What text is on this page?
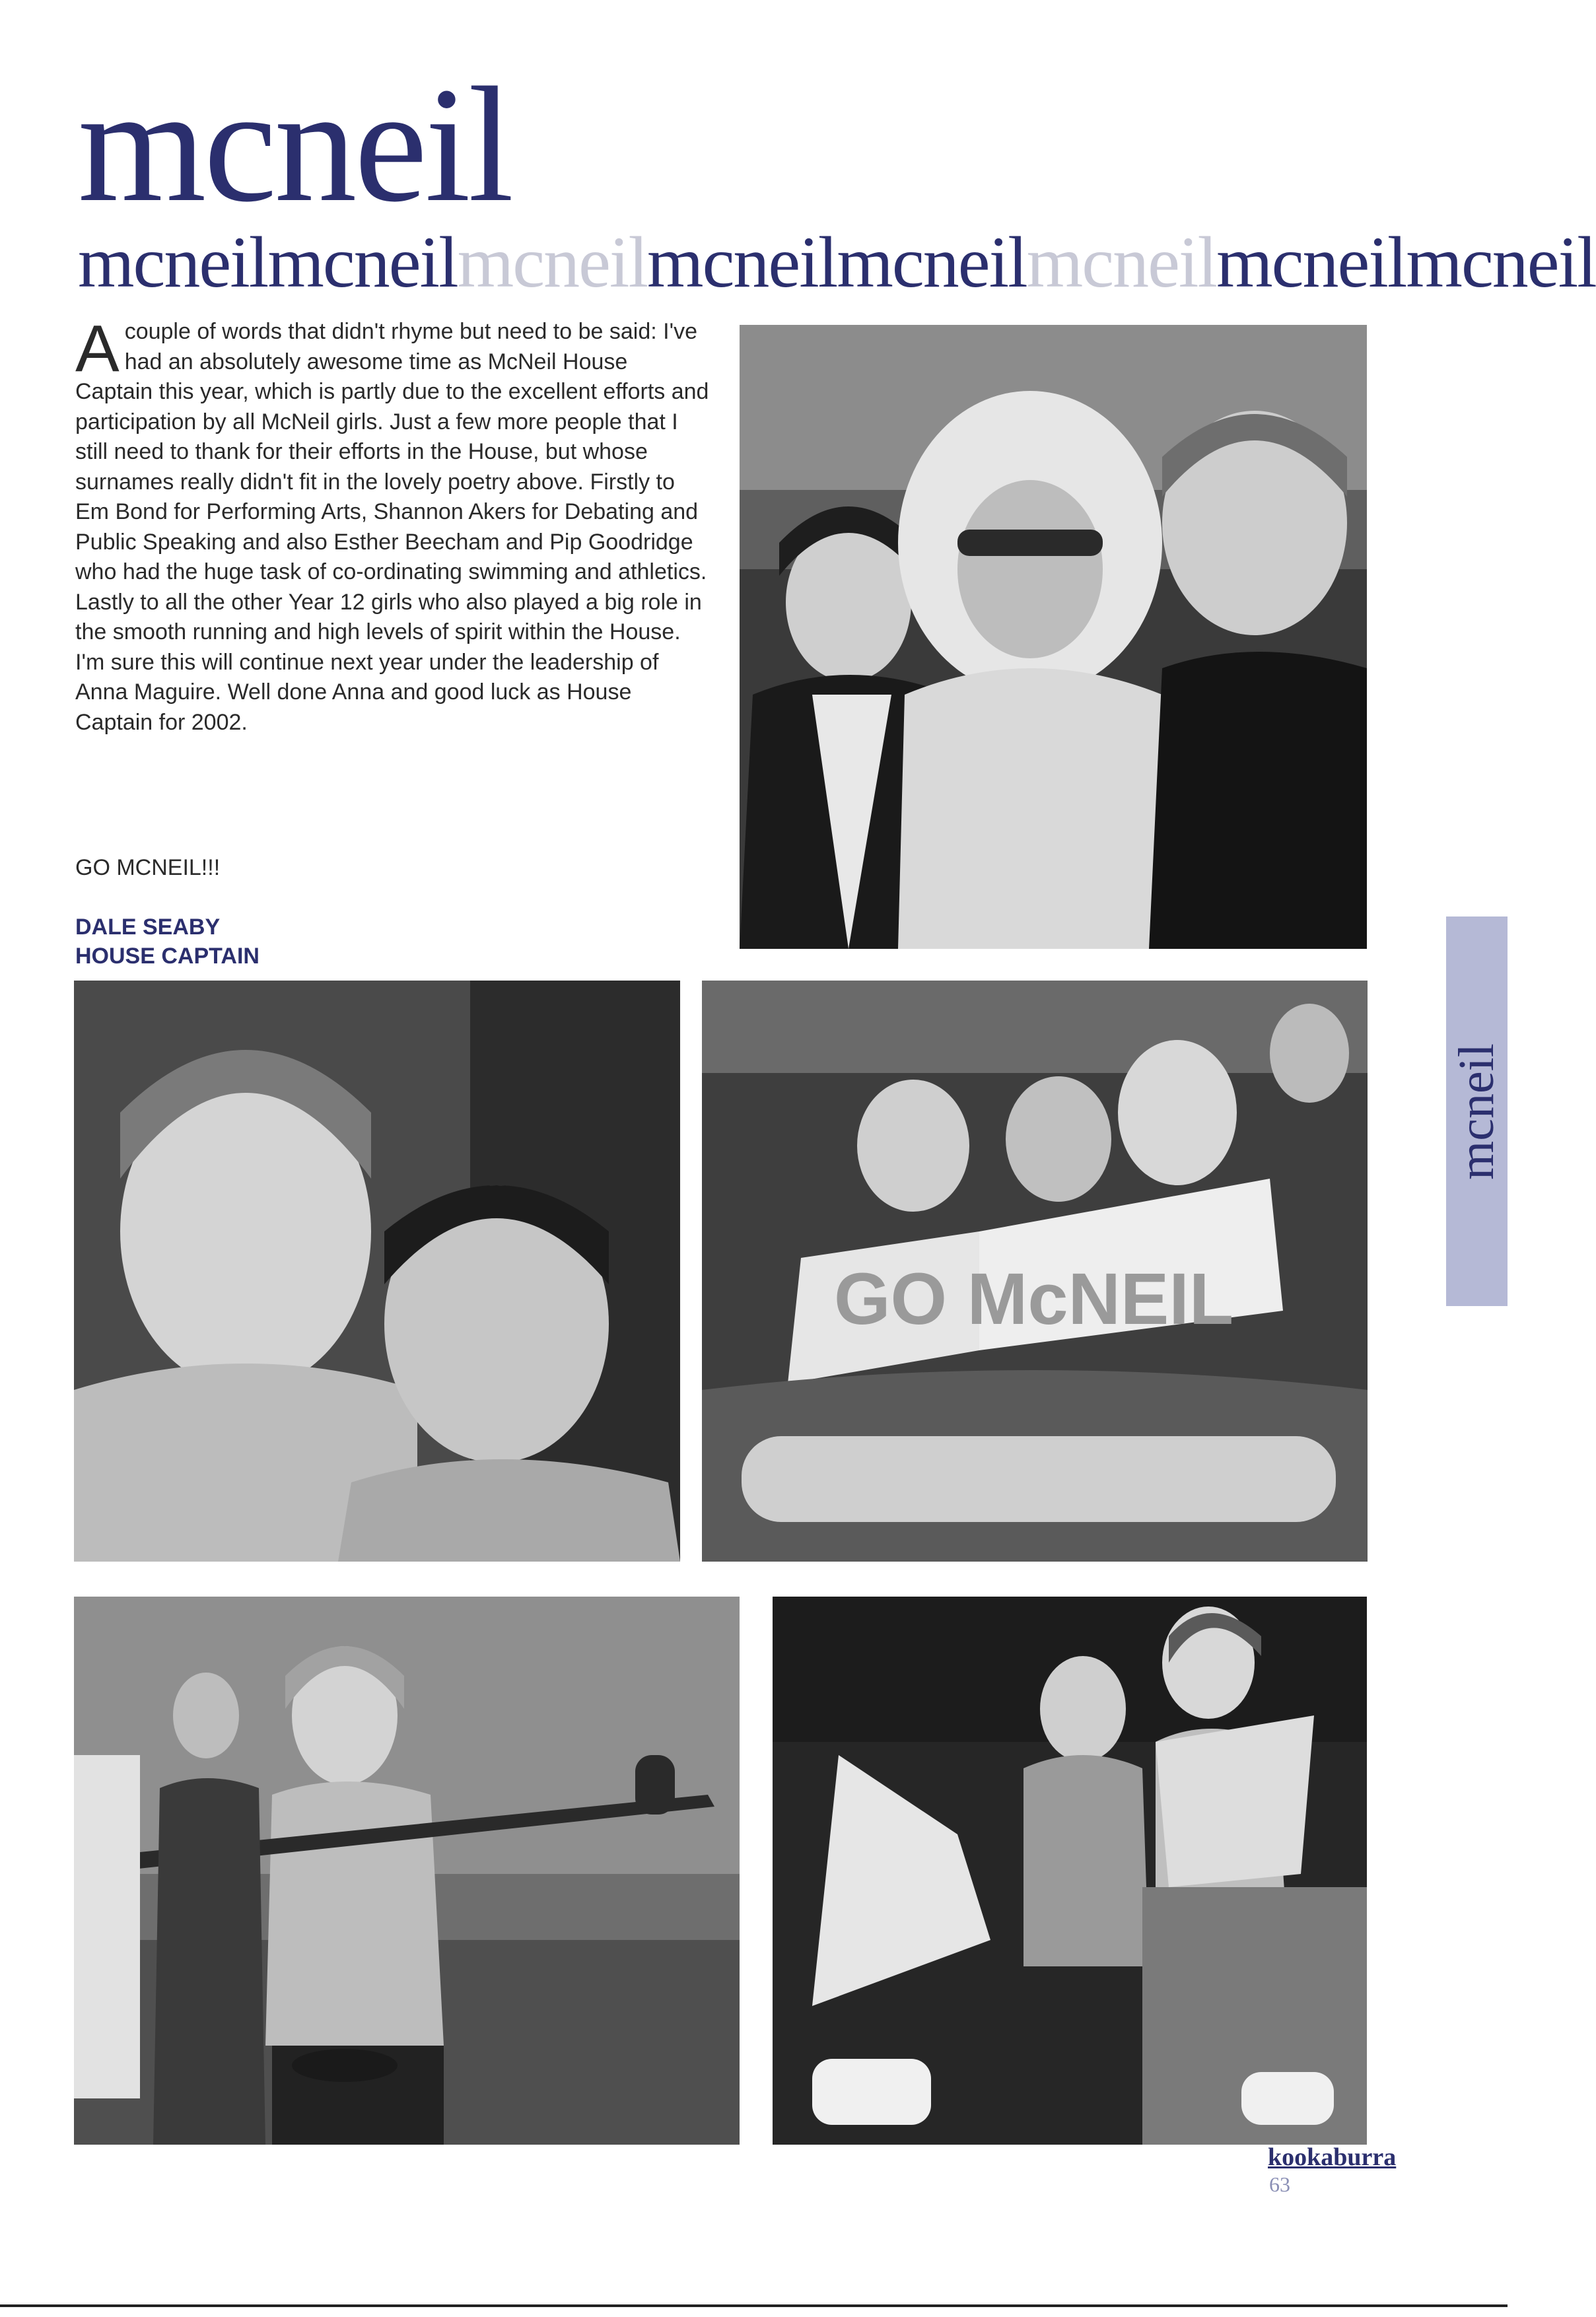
mcneil
mcneil mcneil mcneil mcneil mcneil mcneil mcneil mcneil
A couple of words that didn't rhyme but need to be said: I've had an absolutely awesome time as McNeil House Captain this year, which is partly due to the excellent efforts and participation by all McNeil girls. Just a few more people that I still need to thank for their efforts in the House, but whose surnames really didn't fit in the lovely poetry above. Firstly to Em Bond for Performing Arts, Shannon Akers for Debating and Public Speaking and also Esther Beecham and Pip Goodridge who had the huge task of co-ordinating swimming and athletics. Lastly to all the other Year 12 girls who also played a big role in the smooth running and high levels of spirit within the House. I'm sure this will continue next year under the leadership of Anna Maguire. Well done Anna and good luck as House Captain for 2002.
GO MCNEIL!!!
DALE SEABY
HOUSE CAPTAIN
GO McNEIL
mcneil
kookaburra
63
